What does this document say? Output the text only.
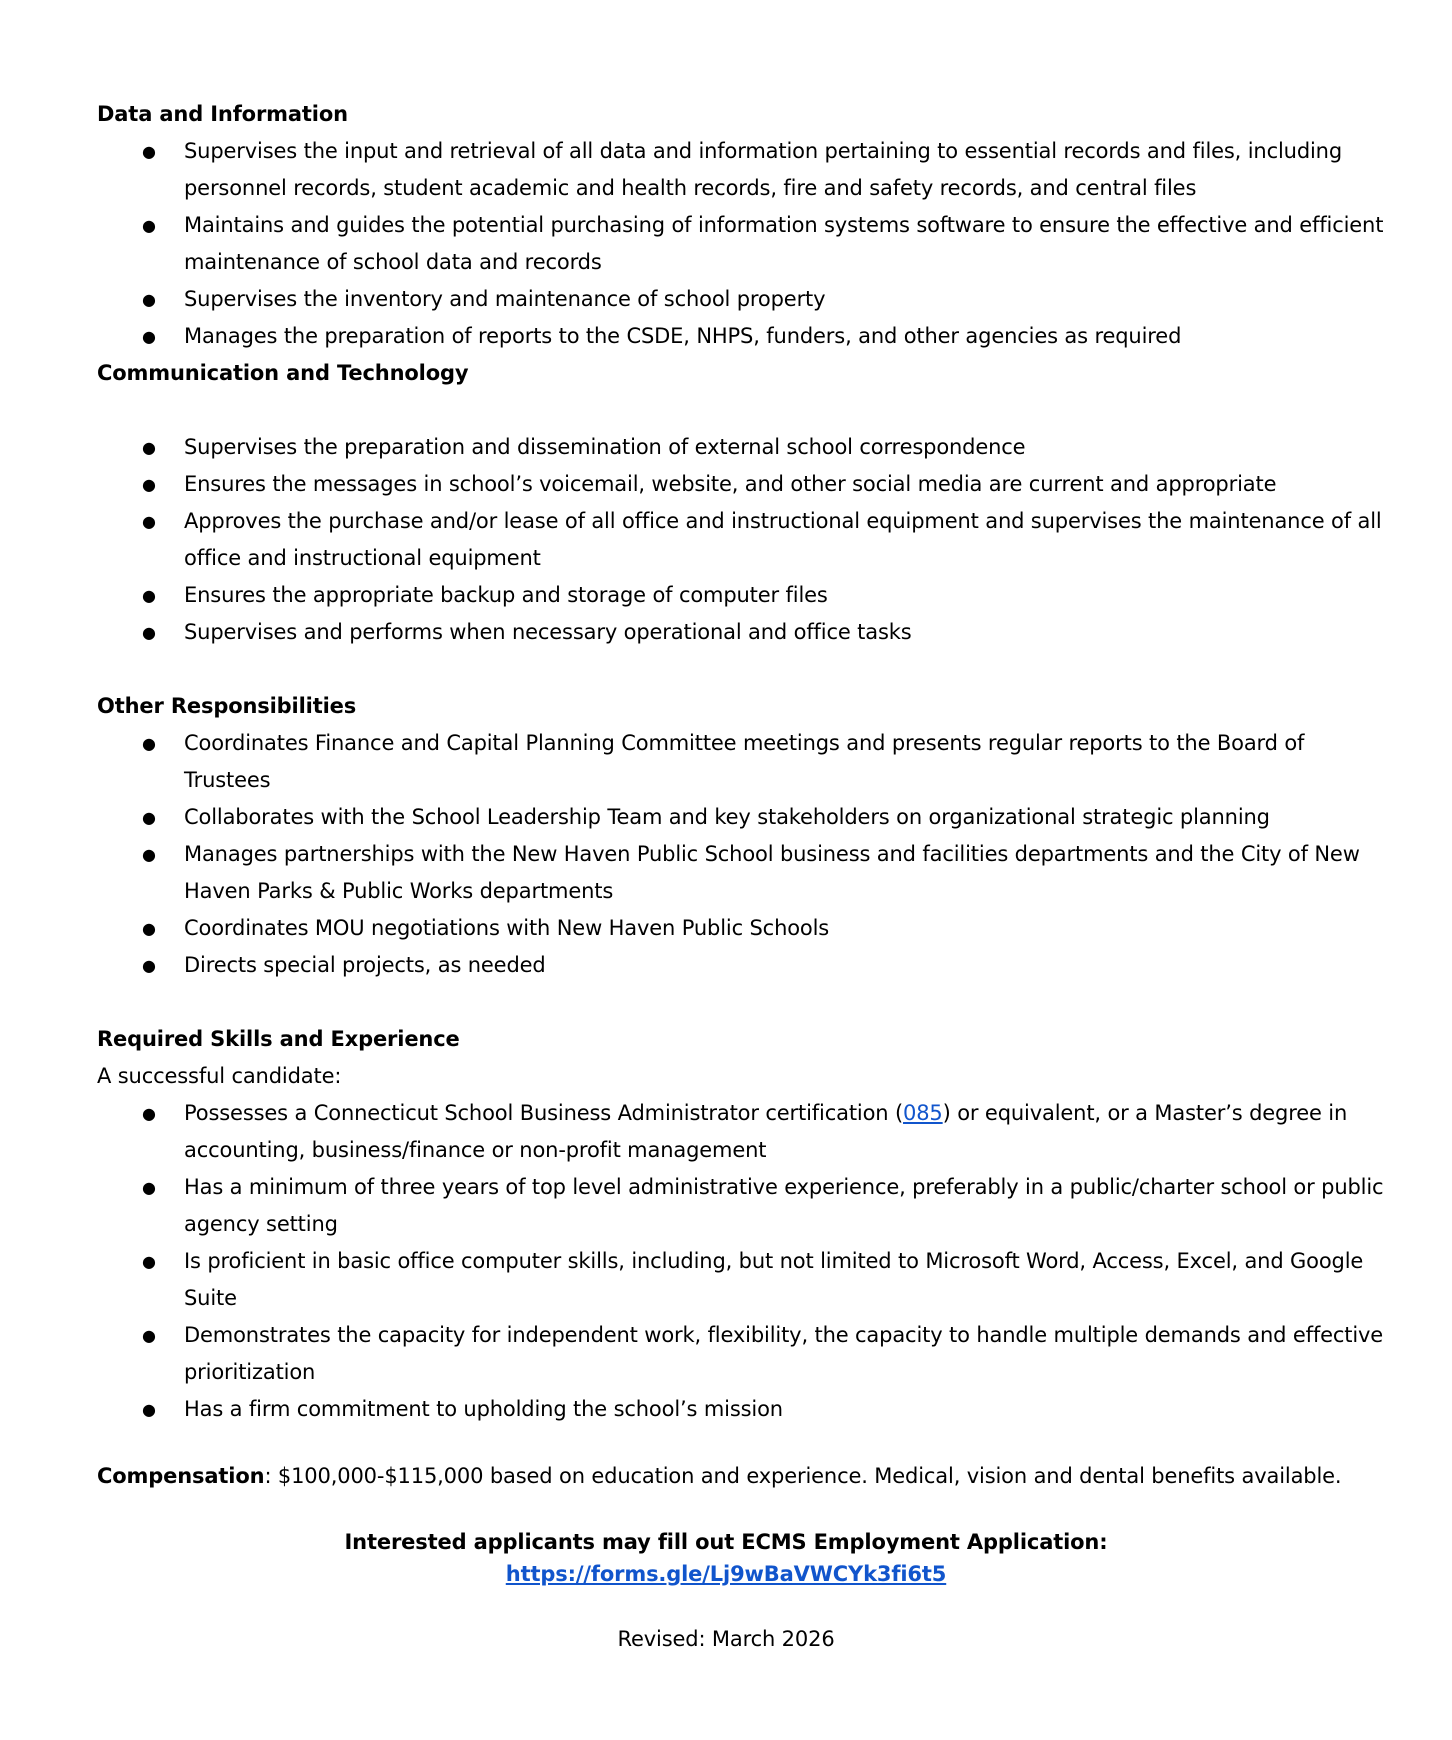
Data and Information

● Supervises the input and retrieval of all data and information pertaining to essential records and files, including personnel records, student academic and health records, fire and safety records, and central files
● Maintains and guides the potential purchasing of information systems software to ensure the effective and efficient maintenance of school data and records
● Supervises the inventory and maintenance of school property
● Manages the preparation of reports to the CSDE, NHPS, funders, and other agencies as required

Communication and Technology

● Supervises the preparation and dissemination of external school correspondence
● Ensures the messages in school’s voicemail, website, and other social media are current and appropriate
● Approves the purchase and/or lease of all office and instructional equipment and supervises the maintenance of all office and instructional equipment
● Ensures the appropriate backup and storage of computer files
● Supervises and performs when necessary operational and office tasks

Other Responsibilities

● Coordinates Finance and Capital Planning Committee meetings and presents regular reports to the Board of Trustees
● Collaborates with the School Leadership Team and key stakeholders on organizational strategic planning
● Manages partnerships with the New Haven Public School business and facilities departments and the City of New Haven Parks & Public Works departments
● Coordinates MOU negotiations with New Haven Public Schools
● Directs special projects, as needed

Required Skills and Experience

A successful candidate:

● Possesses a Connecticut School Business Administrator certification (085) or equivalent, or a Master’s degree in accounting, business/finance or non-profit management
● Has a minimum of three years of top level administrative experience, preferably in a public/charter school or public agency setting
● Is proficient in basic office computer skills, including, but not limited to Microsoft Word, Access, Excel, and Google Suite
● Demonstrates the capacity for independent work, flexibility, the capacity to handle multiple demands and effective prioritization
● Has a firm commitment to upholding the school’s mission

Compensation: $100,000-$115,000 based on education and experience. Medical, vision and dental benefits available.

Interested applicants may fill out ECMS Employment Application:

https://forms.gle/Lj9wBaVWCYk3fi6t5

Revised: March 2026
